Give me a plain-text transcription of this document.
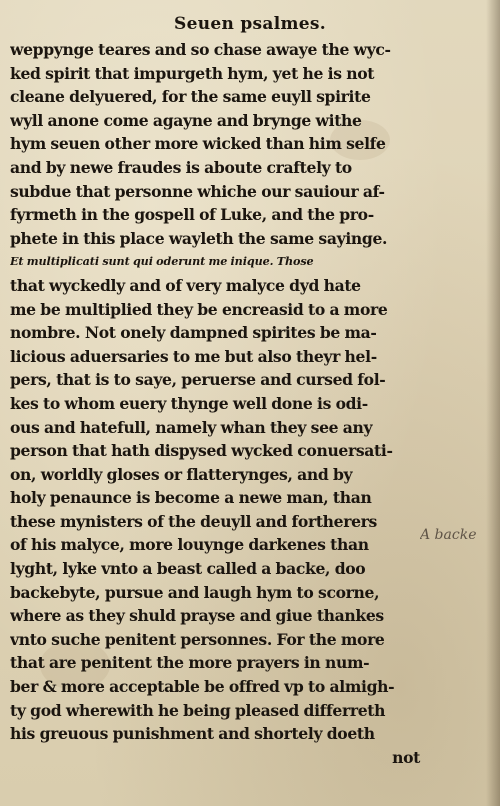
Seuen psalmes.
weppynge teares and so chase awaye the wyc-
ked spirit that impurgeth hym, yet he is not
cleane delyuered, for the same euyll spirite
wyll anone come agayne and brynge withe
hym seuen other more wicked than him selfe
and by newe fraudes is aboute craftely to
subdue that personne whiche our sauiour af-
fyrmeth in the gospell of Luke, and the pro-
phete in this place wayleth the same sayinge.
Et multiplicati sunt qui oderunt me inique. Those
that wyckedly and of very malyce dyd hate
me be multiplied they be encreasid to a more
nombre. Not onely dampned spirites be ma-
licious aduersaries to me but also theyr hel-
pers, that is to saye, peruerse and cursed fol-
kes to whom euery thynge well done is odi-
ous and hatefull, namely whan they see any
person that hath dispysed wycked conuersati-
on, worldly gloses or flatterynges, and by
holy penaunce is become a newe man, than
these mynisters of the deuyll and fortherers
of his malyce, more louynge darkenes than
lyght, lyke vnto a beast called a backe, doo
backebyte, pursue and laugh hym to scorne,
where as they shuld prayse and giue thankes
vnto suche penitent personnes. For the more
that are penitent the more prayers in num-
ber & more acceptable be offred vp to almigh-
ty god wherewith he being pleased differreth
his greuous punishment and shortely doeth
not
A backe
